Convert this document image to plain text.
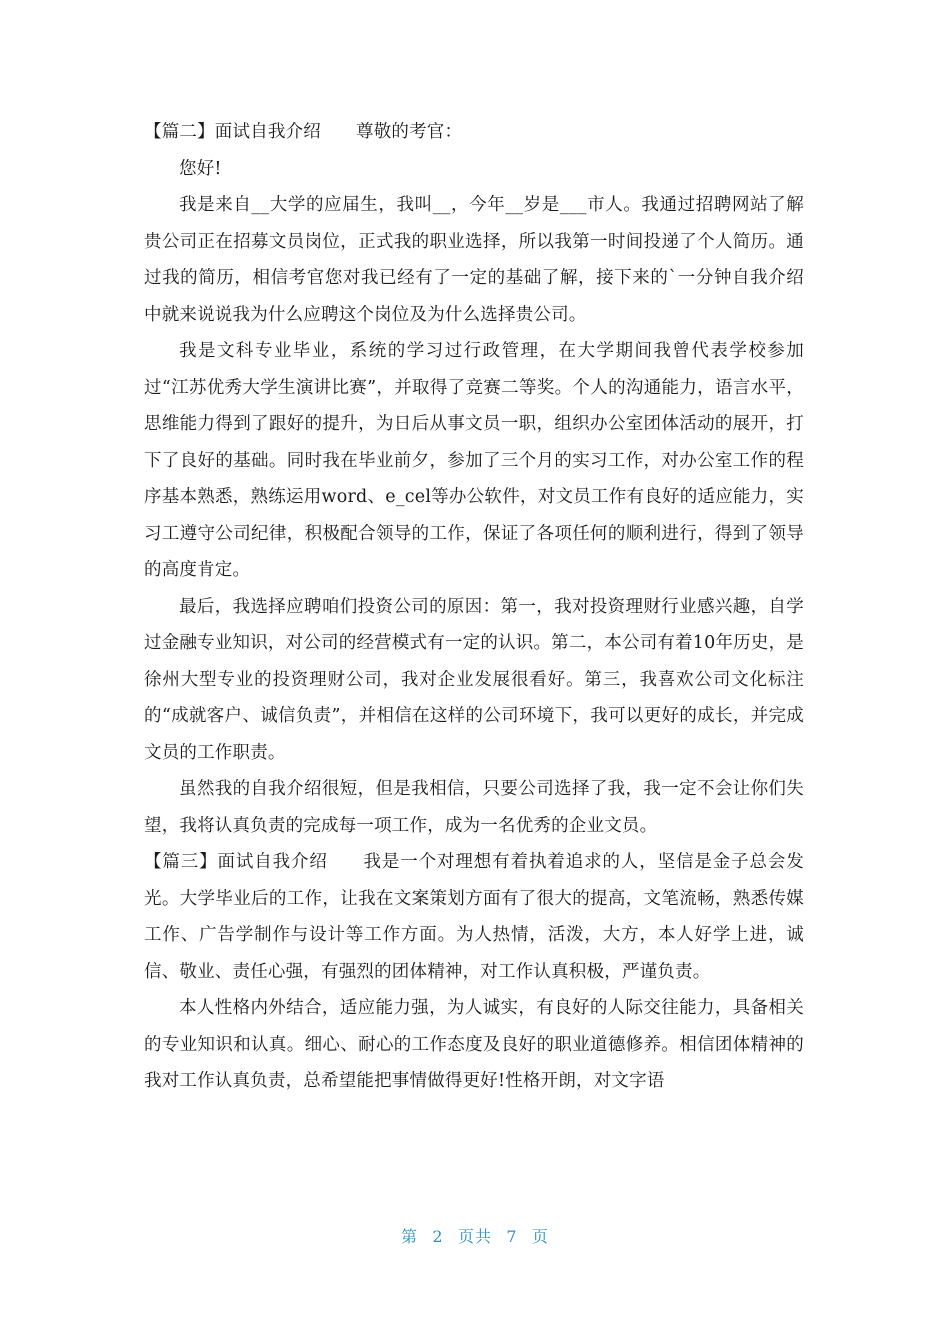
【篇二】面试自我介绍 尊敬的考官：

您好!

我是来自__大学的应届生，我叫__，今年__岁是___市人。我通过招聘网站了解贵公司正在招募文员岗位，正式我的职业选择，所以我第一时间投递了个人简历。通过我的简历，相信考官您对我已经有了一定的基础了解，接下来的`一分钟自我介绍中就来说说我为什么应聘这个岗位及为什么选择贵公司。

我是文科专业毕业，系统的学习过行政管理，在大学期间我曾代表学校参加过“江苏优秀大学生演讲比赛”，并取得了竞赛二等奖。个人的沟通能力，语言水平，思维能力得到了跟好的提升，为日后从事文员一职，组织办公室团体活动的展开，打下了良好的基础。同时我在毕业前夕，参加了三个月的实习工作，对办公室工作的程序基本熟悉，熟练运用word、e_cel等办公软件，对文员工作有良好的适应能力，实习工遵守公司纪律，积极配合领导的工作，保证了各项任何的顺利进行，得到了领导的高度肯定。

最后，我选择应聘咱们投资公司的原因：第一，我对投资理财行业感兴趣，自学过金融专业知识，对公司的经营模式有一定的认识。第二，本公司有着10年历史，是徐州大型专业的投资理财公司，我对企业发展很看好。第三，我喜欢公司文化标注的“成就客户、诚信负责”，并相信在这样的公司环境下，我可以更好的成长，并完成文员的工作职责。

虽然我的自我介绍很短，但是我相信，只要公司选择了我，我一定不会让你们失望，我将认真负责的完成每一项工作，成为一名优秀的企业文员。

【篇三】面试自我介绍 我是一个对理想有着执着追求的人，坚信是金子总会发光。大学毕业后的工作，让我在文案策划方面有了很大的提高，文笔流畅，熟悉传媒工作、广告学制作与设计等工作方面。为人热情，活泼，大方，本人好学上进，诚信、敬业、责任心强，有强烈的团体精神，对工作认真积极，严谨负责。

本人性格内外结合，适应能力强，为人诚实，有良好的人际交往能力，具备相关的专业知识和认真。细心、耐心的工作态度及良好的职业道德修养。相信团体精神的我对工作认真负责，总希望能把事情做得更好!性格开朗，对文字语

第 2 页共 7 页
